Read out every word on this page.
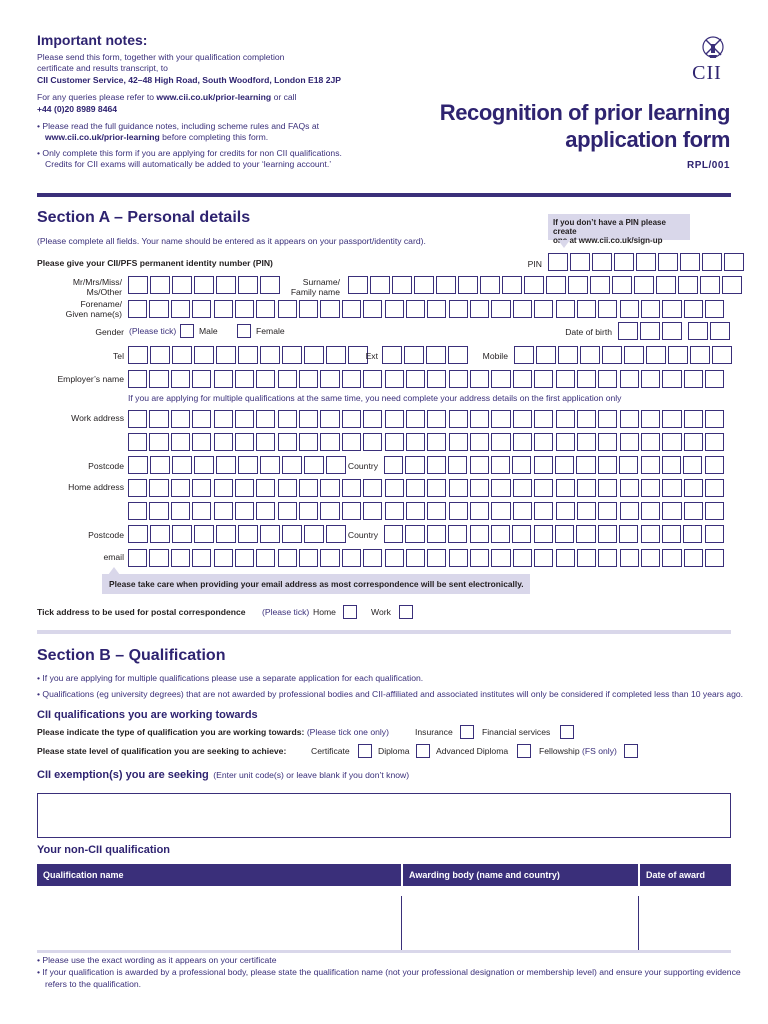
Important notes:
Please send this form, together with your qualification completion
certificate and results transcript, to
CII Customer Service, 42–48 High Road, South Woodford, London E18 2JP
For any queries please refer to www.cii.co.uk/prior-learning or call
+44 (0)20 8989 8464
• Please read the full guidance notes, including scheme rules and FAQs at
www.cii.co.uk/prior-learning before completing this form.
• Only complete this form if you are applying for credits for non CII qualifications.
Credits for CII exams will automatically be added to your ‘learning account.’
CII
Recognition of prior learning
application form
RPL/001
Section A – Personal details
(Please complete all fields. Your name should be entered as it appears on your passport/identity card).
If you don’t have a PIN please create
one at www.cii.co.uk/sign-up
Please give your CII/PFS permanent identity number (PIN)	PIN
Mr/Mrs/Miss/
Ms/Other
Surname/
Family name
Forename/
Given name(s)
Gender (Please tick)	Male	Female	Date of birth
Tel	Ext	Mobile
Employer’s name
If you are applying for multiple qualifications at the same time, you need complete your address details on the first application only
Work address
Postcode	Country
Home address
Postcode	Country
email
Please take care when providing your email address as most correspondence will be sent electronically.
Tick address to be used for postal correspondence (Please tick) Home	Work
Section B – Qualification
• If you are applying for multiple qualifications please use a separate application for each qualification.
• Qualifications (eg university degrees) that are not awarded by professional bodies and CII-affiliated and associated institutes will only be considered if completed less than 10 years ago.
CII qualifications you are working towards
Please indicate the type of qualification you are working towards: (Please tick one only)	Insurance	Financial services
Please state level of qualification you are seeking to achieve:	Certificate	Diploma	Advanced Diploma	Fellowship (FS only)
CII exemption(s) you are seeking (Enter unit code(s) or leave blank if you don’t know)
Your non-CII qualification
Qualification name	Awarding body (name and country)	Date of award
• Please use the exact wording as it appears on your certificate
• If your qualification is awarded by a professional body, please state the qualification name (not your professional designation or membership level) and ensure your supporting evidence
refers to the qualification.
